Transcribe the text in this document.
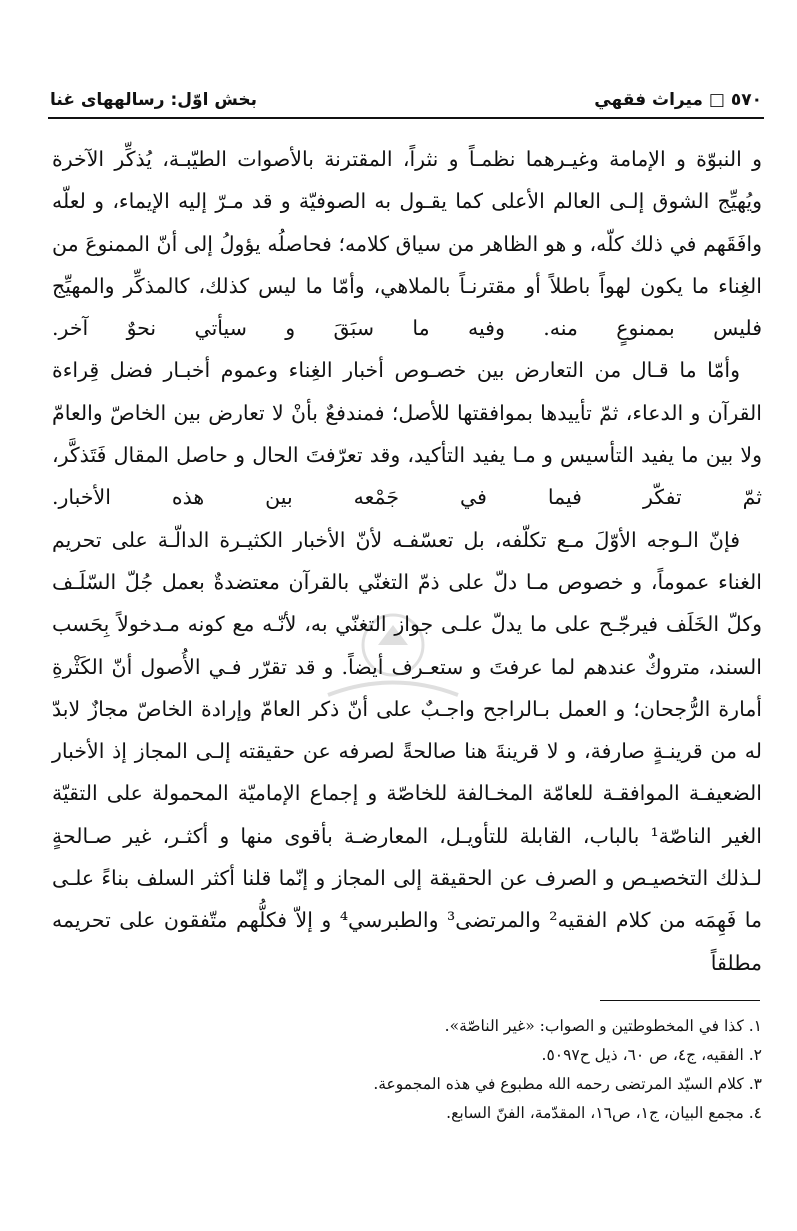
٥٧٠ □ ميراث فقهي
بخش اوّل: رسالههاى غنا

و النبوّة و الإمامة وغيـرهما نظمـاً و نثراً، المقترنة بالأصوات الطيّبـة، يُذكِّر الآخرة ويُهيِّج الشوق إلـى العالم الأعلى كما يقـول به الصوفيّة و قد مـرّ إليه الإيماء، و لعلّه وافَقَهم في ذلك كلّه، و هو الظاهر من سياق كلامه؛ فحاصلُه يؤولُ إلى أنّ الممنوعَ من الغِناء ما يكون لهواً باطلاً أو مقترنـاً بالملاهي، وأمّا ما ليس كذلك، كالمذكِّر والمهيِّج فليس بممنوعٍ منه. وفيه ما سبَقَ و سيأتي نحوٌ آخر.

وأمّا ما قـال من التعارض بين خصـوص أخبار الغِناء وعموم أخبـار فضل قِراءة القرآن و الدعاء، ثمّ تأييدها بموافقتها للأصل؛ فمندفعٌ بأنْ لا تعارض بين الخاصّ والعامّ ولا بين ما يفيد التأسيس و مـا يفيد التأكيد، وقد تعرّفتَ الحال و حاصل المقال فَتَذكَّر، ثمّ تفكّر فيما في جَمْعه بين هذه الأخبار.

فإنّ الـوجه الأوّلَ مـع تكلّفه، بل تعسّفـه لأنّ الأخبار الكثيـرة الدالّـة على تحريم الغناء عموماً، و خصوص مـا دلّ على ذمّ التغنّي بالقرآن معتضدةٌ بعمل جُلّ السّلَـف وكلّ الخَلَف فيرجّـح على ما يدلّ علـى جواز التغنّي به، لأنّـه مع كونه مـدخولاً بِحَسب السند، متروكٌ عندهم لما عرفتَ و ستعـرف أيضاً. و قد تقرّر فـي الأُصول أنّ الكَثْرةِ أمارة الرُّجحان؛ و العمل بـالراجح واجـبٌ على أنّ ذكر العامّ وإرادة الخاصّ مجازٌ لابدّ له من قرينـةٍ صارفة، و لا قرينةَ هنا صالحةً لصرفه عن حقيقته إلـى المجاز إذ الأخبار الضعيفـة الموافقـة للعامّة المخـالفة للخاصّة و إجماع الإماميّة المحمولة على التقيّة الغير الناصّة¹ بالباب، القابلة للتأويـل، المعارضـة بأقوى منها و أكثـر، غير صـالحةٍ لـذلك التخصيـص و الصرف عن الحقيقة إلى المجاز و إنّما قلنا أكثر السلف بناءً علـى ما فَهِمَه من كلام الفقيه² والمرتضى³ والطبرسي⁴ و إلاّ فكلُّهم متّفقون على تحريمه مطلقاً

١. كذا في المخطوطتين و الصواب: «غير الناصّة».

٢. الفقيه، ج٤، ص ٦٠، ذيل ح٥٠٩٧.

٣. كلام السيّد المرتضى رحمه الله مطبوع في هذه المجموعة.

٤. مجمع البيان، ج١، ص١٦، المقدّمة، الفنّ السابع.
